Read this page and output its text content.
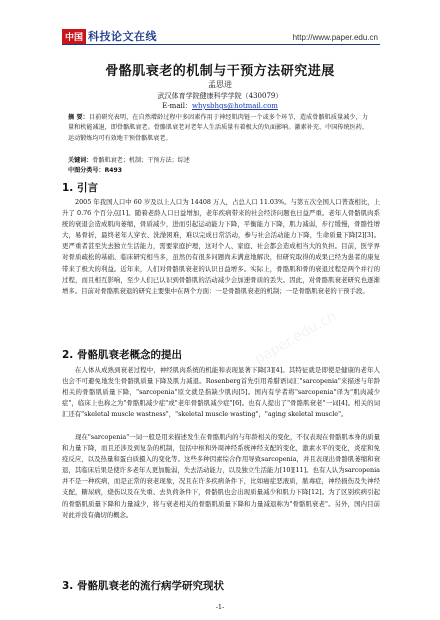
paper.edu.cn
paper.edu.cn
paper.edu.cn
中国 科技论文在线	http://www.paper.edu.cn
骨骼肌衰老的机制与干预方法研究进展
孟思进
武汉体育学院健康科学学院（430079）
E-mail：whysbhgs@hotmail.com
摘 要：目前研究表明，在自然增龄过程中多因素作用于神经肌肉链一个或多个环节，造成骨骼肌质量减少，力量和机能减退，即骨骼肌衰老。骨骼肌衰老对老年人生活质量有着极大的负面影响。激素补充、中国传统医药、运动锻炼均可有效地干预骨骼肌衰老。
关键词：骨骼肌衰老；机制；干预方法；综述
中图分类号：R493
1. 引言
2005 年我国人口中 60 岁及以上人口为 14408 万人，占总人口 11.03%。与第五次全国人口普查相比，上升了 0.76 个百分点[1]。随着老龄人口日益增加，老年疾病带来的社会经济问题也日益严重。老年人骨骼肌肉系统的衰退会造成肌肉萎缩，骨质减少，进而引起运动能力下降，平衡能力下降，肌力减弱，步行缓慢，骨骼性增大，易骨折，最终老年人穿衣、洗澡困难，难以完成日常活动，参与社会活动能力下降，生命质量下降[2][3]。更严重者甚至失去独立生活能力，需要家庭护理，这对个人、家庭、社会都会造成相当大的负担。目前，医学界对骨质疏松的基础、临床研究相当多，虽然仍有很多问题尚未满意地解决，但研究取得的成果已经为患者的康复带来了极大的利益。近年来，人们对骨骼肌衰老的认识日益增多。实际上，骨骼肌和骨的衰退过程是两个并行的过程，而且相互影响，至少人们已认识到骨骼肌的活动减少会加速骨质的丢失。因此，对骨骼肌衰老研究也逐渐增多。目前对骨骼肌衰退的研究主要集中在两个方面：一是骨骼肌衰老的机制；一是骨骼肌衰老的干预手段。
2. 骨骼肌衰老概念的提出
在人体从成熟到衰老过程中，神经肌肉系统的机能和表现显著下降[3][4]。其特征就是即使是健康的老年人也会不可避免地发生骨骼肌质量下降及肌力减退。Rosenberg首先引用希腊语词汇"sarcopenia"来描述与年龄相关的骨骼肌质量下降，"sarcopenia"原文就是指缺少肌肉[5]。国内有学者将"sarcopenia"译为"肌肉减少症"，临床上也称之为"骨骼肌减少症"或"老年骨骼肌减少症"[6]。也有人提出了"骨骼肌衰老"一词[4]。相关的词汇还有"skeletal muscle wastness"，"skeletal muscle wasting"，"aging skeletal muscle"。
现在"sarcopenia"一词一般是用来描述发生在骨骼肌内的与年龄相关的变化，不仅表现在骨骼肌本身的质量和力量下降，而且还涉及到复杂的机制，包括中枢和外周神经系统神经支配的变化，激素水平的变化，炎症和免疫反应，以及热量和蛋白质摄入的变化等。这些多种因素综合作用导致sarcopenia，并且表现出骨骼肌萎缩和衰退，其临床后果是使许多老年人更加脆弱，失去活动能力，以及独立生活能力[10][11]。也有人认为sarcopenia并不是一种疾病，而是正常的衰老现象，况且在许多疾病条件下，比如癌症恶液质，脓毒症，神经损伤及失神经支配，糖尿病，烧伤以及在失重、去负荷条件下，骨骼肌也会出现质量减少和肌力下降[12]。为了区别疾病引起的骨骼肌质量下降和力量减少，将与衰老相关的骨骼肌质量下降和力量减退称为"骨骼肌衰老"。另外，国内目前对此并没有确切的概念。
3. 骨骼肌衰老的流行病学研究现状
-1-
